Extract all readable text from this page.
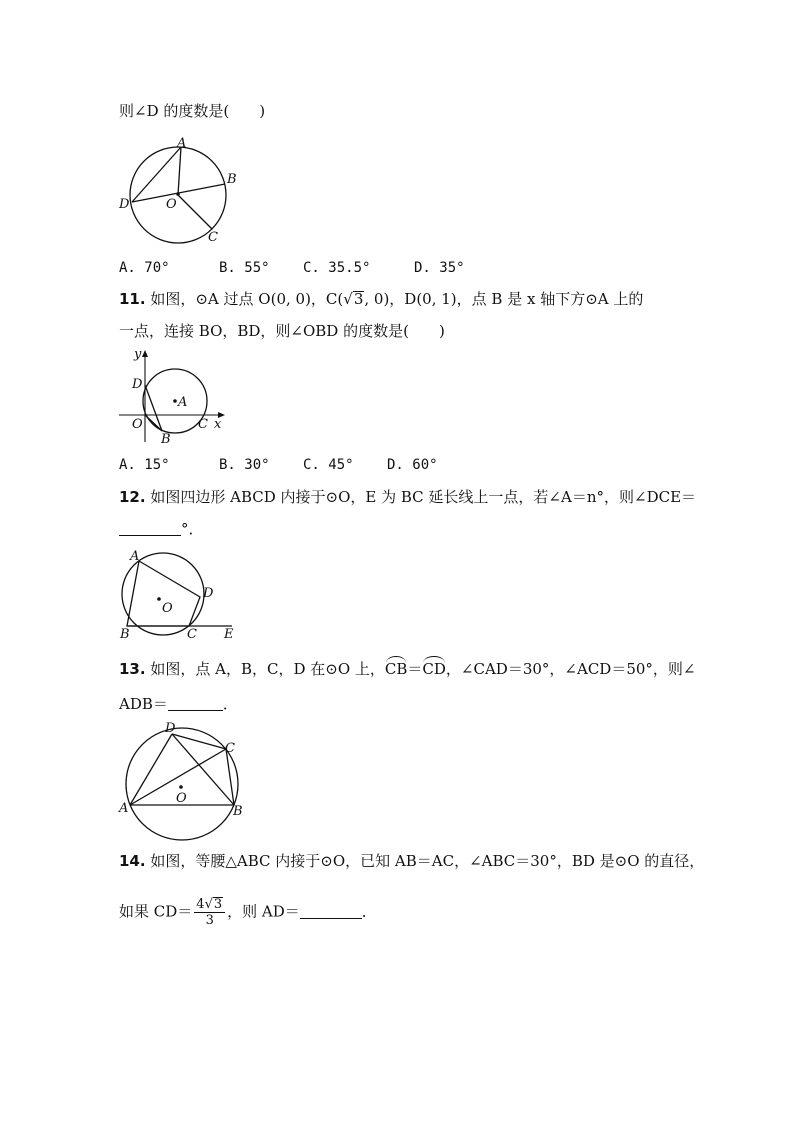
则∠D 的度数是(　　)
A
B
C
D	O
A. 70°	B. 55° C. 35.5°	D. 35°
11. 如图，⊙A 过点 O(0, 0)，C(√3, 0)，D(0, 1)，点 B 是 x 轴下方⊙A 上的
一点，连接 BO，BD，则∠OBD 的度数是(　　)
y
x
D
A
O
B
C
A. 15°	B. 30° C. 45° D. 60°
12. 如图四边形 ABCD 内接于⊙O，E 为 BC 延长线上一点，若∠A＝n°，则∠DCE＝
°．
A
D
B	C E
O
13. 如图，点 A，B，C，D 在⊙O 上，CB＝CD，∠CAD＝30°，∠ACD＝50°，则∠
ADB＝	．
D
C
A	B
O
14. 如图，等腰△ABC 内接于⊙O，已知 AB＝AC，∠ABC＝30°，BD 是⊙O 的直径，
如果 $CD= \frac{4√3}{3}$ ，则 AD＝	．
